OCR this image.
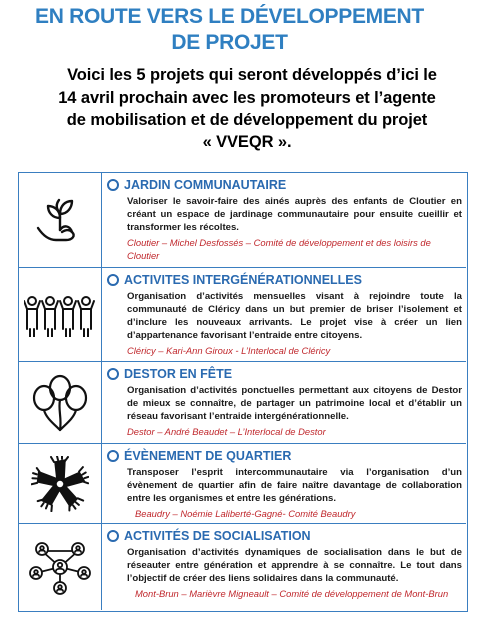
EN ROUTE VERS LE DÉVELOPPEMENT
DE PROJET
Voici les 5 projets qui seront développés d’ici le
14 avril prochain avec les promoteurs et l’agente
de mobilisation et de développement du projet
« VVEQR ».
JARDIN COMMUNAUTAIRE
Valoriser le savoir-faire des ainés auprès des enfants de Cloutier en créant un espace de jardinage communautaire pour ensuite cueillir et transformer les récoltes.
Cloutier – Michel Desfossés – Comité de développement et des loisirs de Cloutier
ACTIVITES INTERGÉNÉRATIONNELLES
Organisation d’activités mensuelles visant à rejoindre toute la communauté de Cléricy dans un but premier de briser l’isolement et d’inclure les nouveaux arrivants. Le projet vise à créer un lien d’appartenance favorisant l’entraide entre citoyens.
Cléricy – Kari-Ann Giroux - L’Interlocal de Cléricy
DESTOR EN FÊTE
Organisation d’activités ponctuelles permettant aux citoyens de Destor de mieux se connaître, de partager un patrimoine local et d’établir un réseau favorisant l’entraide intergénérationnelle.
Destor – André Beaudet – L’Interlocal de Destor
ÉVÈNEMENT DE QUARTIER
Transposer l’esprit intercommunautaire via l’organisation d’un évènement de quartier afin de faire naître davantage de collaboration entre les organismes et entre les générations.
Beaudry – Noémie Laliberté-Gagné- Comité Beaudry
ACTIVITÉS DE SOCIALISATION
Organisation d’activités dynamiques de socialisation dans le but de réseauter entre génération et apprendre à se connaître. Le tout dans l’objectif de créer des liens solidaires dans la communauté.
Mont-Brun – Marièvre Migneault – Comité de développement de Mont-Brun
